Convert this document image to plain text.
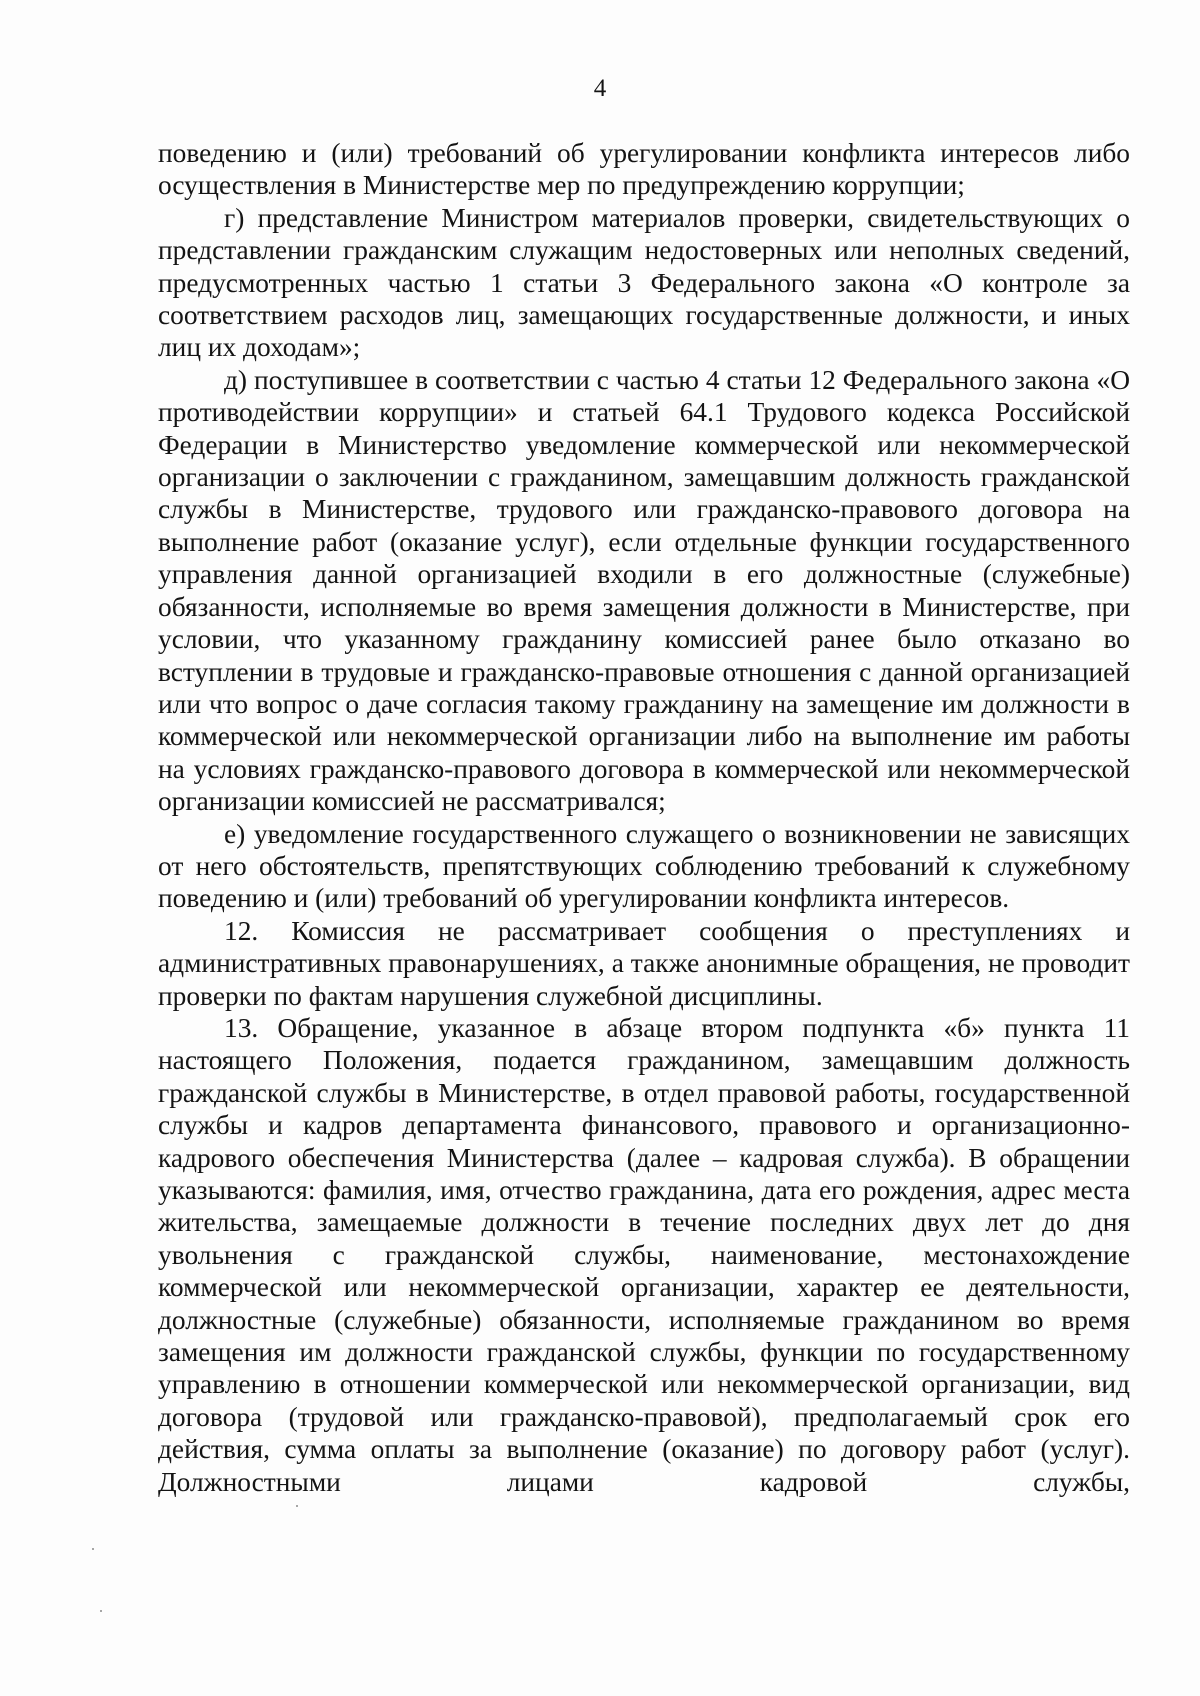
4

поведению и (или) требований об урегулировании конфликта интересов либо осуществления в Министерстве мер по предупреждению коррупции;

г) представление Министром материалов проверки, свидетельствующих о представлении гражданским служащим недостоверных или неполных сведений, предусмотренных частью 1 статьи 3 Федерального закона «О контроле за соответствием расходов лиц, замещающих государственные должности, и иных лиц их доходам»;

д) поступившее в соответствии с частью 4 статьи 12 Федерального закона «О противодействии коррупции» и статьей 64.1 Трудового кодекса Российской Федерации в Министерство уведомление коммерческой или некоммерческой организации о заключении с гражданином, замещавшим должность гражданской службы в Министерстве, трудового или гражданско-правового договора на выполнение работ (оказание услуг), если отдельные функции государственного управления данной организацией входили в его должностные (служебные) обязанности, исполняемые во время замещения должности в Министерстве, при условии, что указанному гражданину комиссией ранее было отказано во вступлении в трудовые и гражданско-правовые отношения с данной организацией или что вопрос о даче согласия такому гражданину на замещение им должности в коммерческой или некоммерческой организации либо на выполнение им работы на условиях гражданско-правового договора в коммерческой или некоммерческой организации комиссией не рассматривался;

е) уведомление государственного служащего о возникновении не зависящих от него обстоятельств, препятствующих соблюдению требований к служебному поведению и (или) требований об урегулировании конфликта интересов.

12. Комиссия не рассматривает сообщения о преступлениях и административных правонарушениях, а также анонимные обращения, не проводит проверки по фактам нарушения служебной дисциплины.

13. Обращение, указанное в абзаце втором подпункта «б» пункта 11 настоящего Положения, подается гражданином, замещавшим должность гражданской службы в Министерстве, в отдел правовой работы, государственной службы и кадров департамента финансового, правового и организационно-кадрового обеспечения Министерства (далее – кадровая служба). В обращении указываются: фамилия, имя, отчество гражданина, дата его рождения, адрес места жительства, замещаемые должности в течение последних двух лет до дня увольнения с гражданской службы, наименование, местонахождение коммерческой или некоммерческой организации, характер ее деятельности, должностные (служебные) обязанности, исполняемые гражданином во время замещения им должности гражданской службы, функции по государственному управлению в отношении коммерческой или некоммерческой организации, вид договора (трудовой или гражданско-правовой), предполагаемый срок его действия, сумма оплаты за выполнение (оказание) по договору работ (услуг). Должностными лицами кадровой службы,
